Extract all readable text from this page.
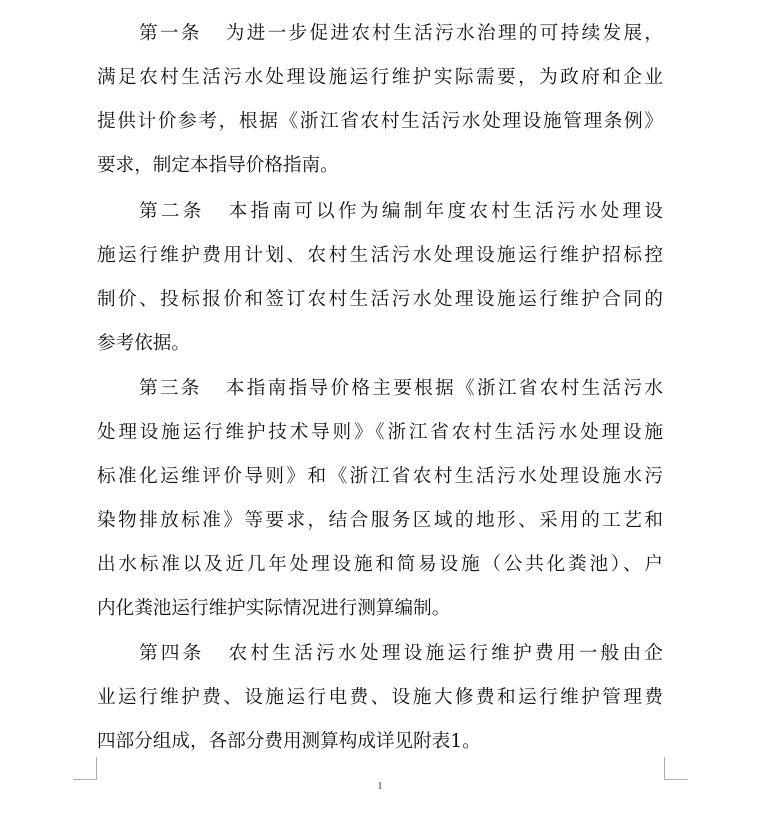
第一条 为进一步促进农村生活污水治理的可持续发展，
满足农村生活污水处理设施运行维护实际需要，为政府和企业
提供计价参考，根据《浙江省农村生活污水处理设施管理条例》
要求，制定本指导价格指南。
第二条 本指南可以作为编制年度农村生活污水处理设
施运行维护费用计划、农村生活污水处理设施运行维护招标控
制价、投标报价和签订农村生活污水处理设施运行维护合同的
参考依据。
第三条 本指南指导价格主要根据《浙江省农村生活污水
处理设施运行维护技术导则》《浙江省农村生活污水处理设施
标准化运维评价导则》和《浙江省农村生活污水处理设施水污
染物排放标准》等要求，结合服务区域的地形、采用的工艺和
出水标准以及近几年处理设施和简易设施（公共化粪池）、户
内化粪池运行维护实际情况进行测算编制。
第四条 农村生活污水处理设施运行维护费用一般由企
业运行维护费、设施运行电费、设施大修费和运行维护管理费
四部分组成，各部分费用测算构成详见附表1。
1
